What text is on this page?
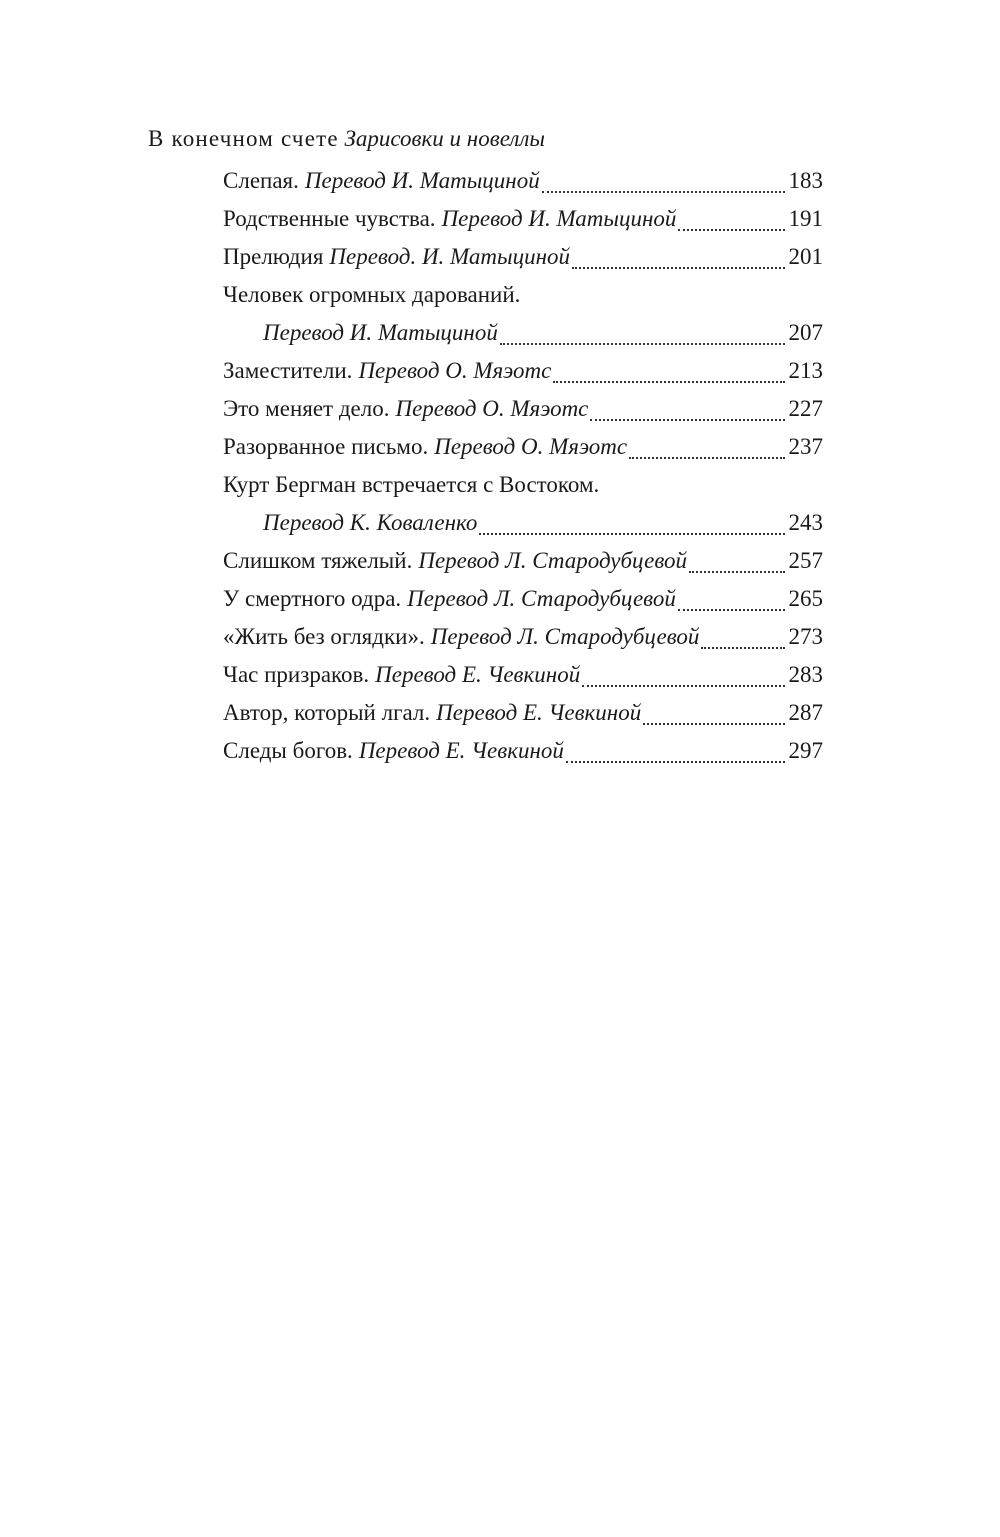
В конечном счете Зарисовки и новеллы
Слепая. Перевод И. Матыциной	183
Родственные чувства. Перевод И. Матыциной	191
Прелюдия Перевод. И. Матыциной	201
Человек огромных дарований.
Перевод И. Матыциной	207
Заместители. Перевод О. Мяэотс	213
Это меняет дело. Перевод О. Мяэотс	227
Разорванное письмо. Перевод О. Мяэотс	237
Курт Бергман встречается с Востоком.
Перевод К. Коваленко	243
Слишком тяжелый. Перевод Л. Стародубцевой	257
У смертного одра. Перевод Л. Стародубцевой	265
«Жить без оглядки». Перевод Л. Стародубцевой	273
Час призраков. Перевод Е. Чевкиной	283
Автор, который лгал. Перевод Е. Чевкиной	287
Следы богов. Перевод Е. Чевкиной	297
